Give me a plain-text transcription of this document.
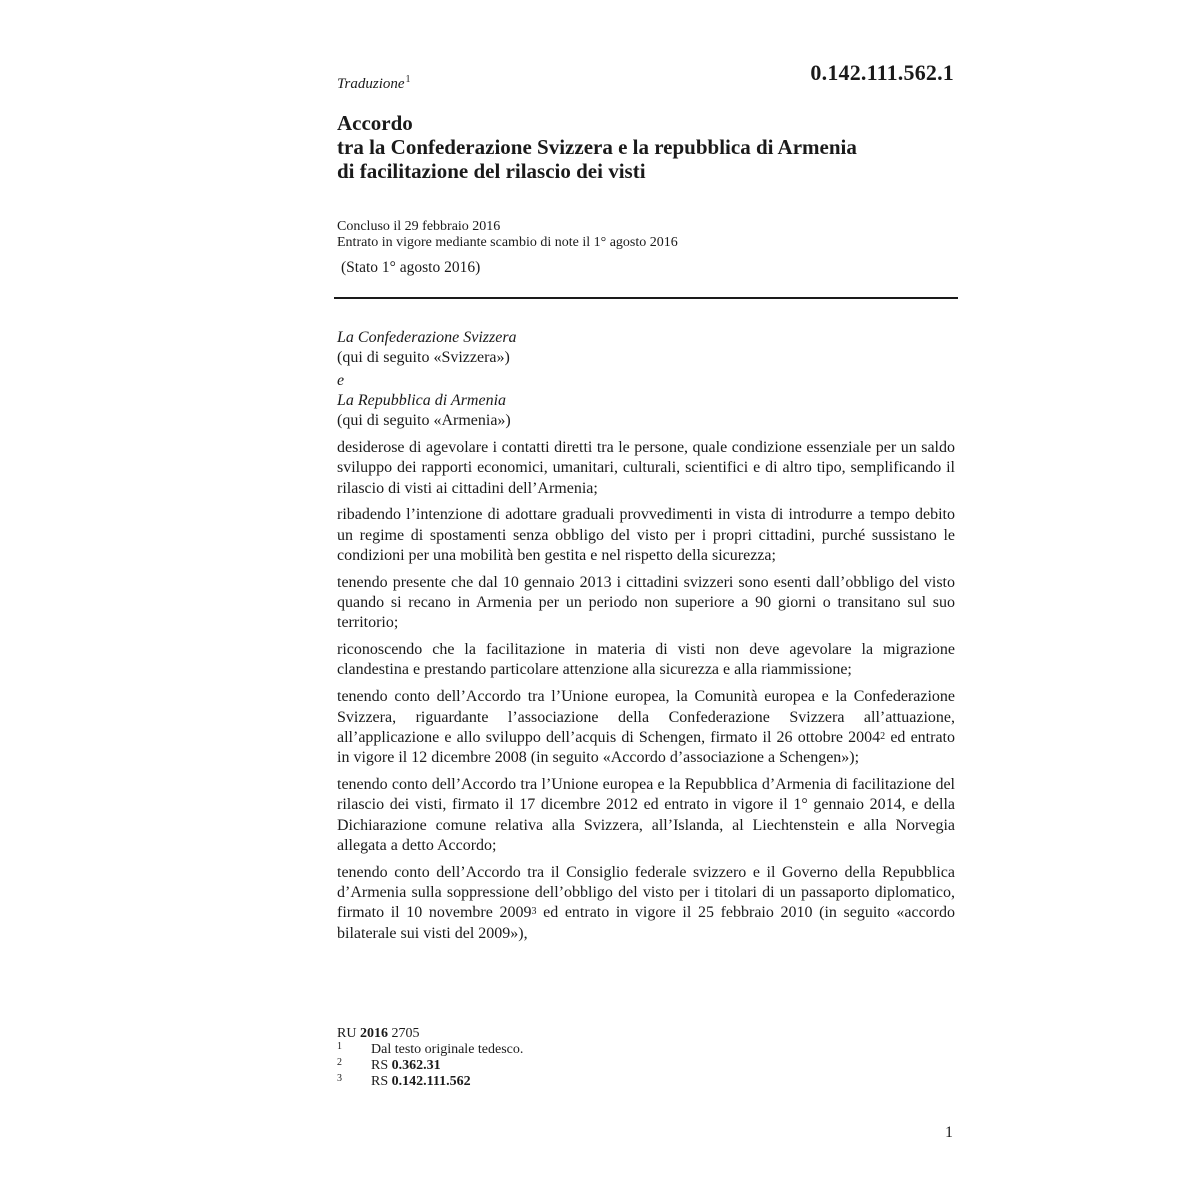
0.142.111.562.1
Traduzione$^1$
Accordo
tra la Confederazione Svizzera e la repubblica di Armenia
di facilitazione del rilascio dei visti
Concluso il 29 febbraio 2016
Entrato in vigore mediante scambio di note il 1° agosto 2016
(Stato 1° agosto 2016)
La Confederazione Svizzera
(qui di seguito «Svizzera»)
e
La Repubblica di Armenia
(qui di seguito «Armenia»)

desiderose di agevolare i contatti diretti tra le persone, quale condizione essenziale per un saldo sviluppo dei rapporti economici, umanitari, culturali, scientifici e di altro tipo, semplificando il rilascio di visti ai cittadini dell’Armenia;

ribadendo l’intenzione di adottare graduali provvedimenti in vista di introdurre a tempo debito un regime di spostamenti senza obbligo del visto per i propri cittadini, purché sussistano le condizioni per una mobilità ben gestita e nel rispetto della sicurezza;

tenendo presente che dal 10 gennaio 2013 i cittadini svizzeri sono esenti dall’obbligo del visto quando si recano in Armenia per un periodo non superiore a 90 giorni o transitano sul suo territorio;

riconoscendo che la facilitazione in materia di visti non deve agevolare la migrazione clandestina e prestando particolare attenzione alla sicurezza e alla riammissione;

tenendo conto dell’Accordo tra l’Unione europea, la Comunità europea e la Confederazione Svizzera, riguardante l’associazione della Confederazione Svizzera all’attuazione, all’applicazione e allo sviluppo dell’acquis di Schengen, firmato il 26 ottobre 2004$^2$ ed entrato in vigore il 12 dicembre 2008 (in seguito «Accordo d’associazione a Schengen»);

tenendo conto dell’Accordo tra l’Unione europea e la Repubblica d’Armenia di facilitazione del rilascio dei visti, firmato il 17 dicembre 2012 ed entrato in vigore il 1° gennaio 2014, e della Dichiarazione comune relativa alla Svizzera, all’Islanda, al Liechtenstein e alla Norvegia allegata a detto Accordo;

tenendo conto dell’Accordo tra il Consiglio federale svizzero e il Governo della Repubblica d’Armenia sulla soppressione dell’obbligo del visto per i titolari di un passaporto diplomatico, firmato il 10 novembre 2009$^3$ ed entrato in vigore il 25 febbraio 2010 (in seguito «accordo bilaterale sui visti del 2009»),

RU 2016 2705
1	Dal testo originale tedesco.
2	RS 0.362.31
3	RS 0.142.111.562
1
